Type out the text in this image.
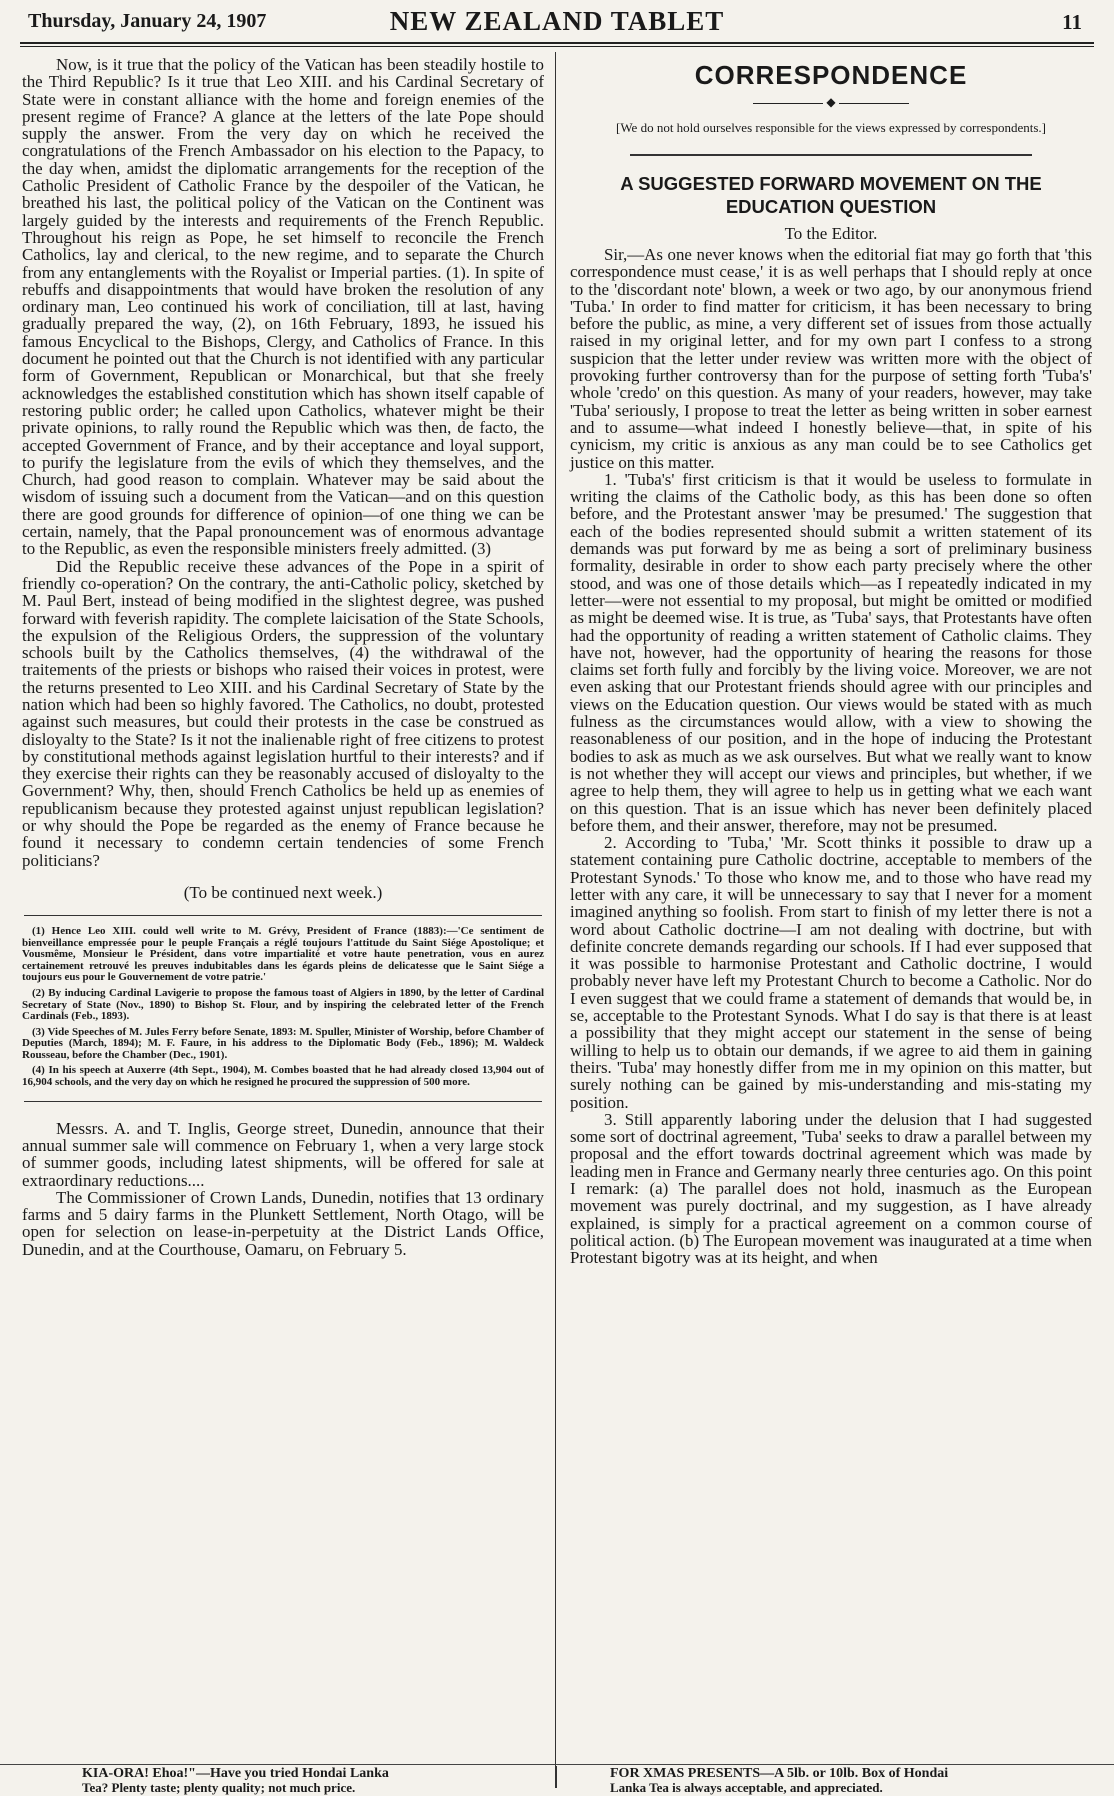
Thursday, January 24, 1907	NEW ZEALAND TABLET	11

Now, is it true that the policy of the Vatican has been steadily hostile to the Third Republic? Is it true that Leo XIII. and his Cardinal Secretary of State were in constant alliance with the home and foreign enemies of the present regime of France? A glance at the letters of the late Pope should supply the answer. From the very day on which he received the congratulations of the French Ambassador on his election to the Papacy, to the day when, amidst the diplomatic arrangements for the reception of the Catholic President of Catholic France by the despoiler of the Vatican, he breathed his last, the political policy of the Vatican on the Continent was largely guided by the interests and requirements of the French Republic. Throughout his reign as Pope, he set himself to reconcile the French Catholics, lay and clerical, to the new regime, and to separate the Church from any entanglements with the Royalist or Imperial parties. (1). In spite of rebuffs and disappointments that would have broken the resolution of any ordinary man, Leo continued his work of conciliation, till at last, having gradually prepared the way, (2), on 16th February, 1893, he issued his famous Encyclical to the Bishops, Clergy, and Catholics of France. In this document he pointed out that the Church is not identified with any particular form of Government, Republican or Monarchical, but that she freely acknowledges the established constitution which has shown itself capable of restoring public order; he called upon Catholics, whatever might be their private opinions, to rally round the Republic which was then, de facto, the accepted Government of France, and by their acceptance and loyal support, to purify the legislature from the evils of which they themselves, and the Church, had good reason to complain. Whatever may be said about the wisdom of issuing such a document from the Vatican—and on this question there are good grounds for difference of opinion—of one thing we can be certain, namely, that the Papal pronouncement was of enormous advantage to the Republic, as even the responsible ministers freely admitted. (3)

Did the Republic receive these advances of the Pope in a spirit of friendly co-operation? On the contrary, the anti-Catholic policy, sketched by M. Paul Bert, instead of being modified in the slightest degree, was pushed forward with feverish rapidity. The complete laicisation of the State Schools, the expulsion of the Religious Orders, the suppression of the voluntary schools built by the Catholics themselves, (4) the withdrawal of the traitements of the priests or bishops who raised their voices in protest, were the returns presented to Leo XIII. and his Cardinal Secretary of State by the nation which had been so highly favored. The Catholics, no doubt, protested against such measures, but could their protests in the case be construed as disloyalty to the State? Is it not the inalienable right of free citizens to protest by constitutional methods against legislation hurtful to their interests? and if they exercise their rights can they be reasonably accused of disloyalty to the Government? Why, then, should French Catholics be held up as enemies of republicanism because they protested against unjust republican legislation? or why should the Pope be regarded as the enemy of France because he found it necessary to condemn certain tendencies of some French politicians?

(To be continued next week.)

(1) Hence Leo XIII. could well write to M. Grévy, President of France (1883):—'Ce sentiment de bienveillance empressée pour le peuple Français a réglé toujours l'attitude du Saint Siége Apostolique; et Vousmême, Monsieur le Président, dans votre impartialité et votre haute penetration, vous en aurez certainement retrouvé les preuves indubitables dans les égards pleins de delicatesse que le Saint Siége a toujours eus pour le Gouvernement de votre patrie.'

(2) By inducing Cardinal Lavigerie to propose the famous toast of Algiers in 1890, by the letter of Cardinal Secretary of State (Nov., 1890) to Bishop St. Flour, and by inspiring the celebrated letter of the French Cardinals (Feb., 1893).

(3) Vide Speeches of M. Jules Ferry before Senate, 1893: M. Spuller, Minister of Worship, before Chamber of Deputies (March, 1894); M. F. Faure, in his address to the Diplomatic Body (Feb., 1896); M. Waldeck Rousseau, before the Chamber (Dec., 1901).

(4) In his speech at Auxerre (4th Sept., 1904), M. Combes boasted that he had already closed 13,904 out of 16,904 schools, and the very day on which he resigned he procured the suppression of 500 more.

Messrs. A. and T. Inglis, George street, Dunedin, announce that their annual summer sale will commence on February 1, when a very large stock of summer goods, including latest shipments, will be offered for sale at extraordinary reductions....

The Commissioner of Crown Lands, Dunedin, notifies that 13 ordinary farms and 5 dairy farms in the Plunkett Settlement, North Otago, will be open for selection on lease-in-perpetuity at the District Lands Office, Dunedin, and at the Courthouse, Oamaru, on February 5.

CORRESPONDENCE
◆
[We do not hold ourselves responsible for the views expressed by correspondents.]
A SUGGESTED FORWARD MOVEMENT ON THE EDUCATION QUESTION
To the Editor.

Sir,—As one never knows when the editorial fiat may go forth that 'this correspondence must cease,' it is as well perhaps that I should reply at once to the 'discordant note' blown, a week or two ago, by our anonymous friend 'Tuba.' In order to find matter for criticism, it has been necessary to bring before the public, as mine, a very different set of issues from those actually raised in my original letter, and for my own part I confess to a strong suspicion that the letter under review was written more with the object of provoking further controversy than for the purpose of setting forth 'Tuba's' whole 'credo' on this question. As many of your readers, however, may take 'Tuba' seriously, I propose to treat the letter as being written in sober earnest and to assume—what indeed I honestly believe—that, in spite of his cynicism, my critic is anxious as any man could be to see Catholics get justice on this matter.

1. 'Tuba's' first criticism is that it would be useless to formulate in writing the claims of the Catholic body, as this has been done so often before, and the Protestant answer 'may be presumed.' The suggestion that each of the bodies represented should submit a written statement of its demands was put forward by me as being a sort of preliminary business formality, desirable in order to show each party precisely where the other stood, and was one of those details which—as I repeatedly indicated in my letter—were not essential to my proposal, but might be omitted or modified as might be deemed wise. It is true, as 'Tuba' says, that Protestants have often had the opportunity of reading a written statement of Catholic claims. They have not, however, had the opportunity of hearing the reasons for those claims set forth fully and forcibly by the living voice. Moreover, we are not even asking that our Protestant friends should agree with our principles and views on the Education question. Our views would be stated with as much fulness as the circumstances would allow, with a view to showing the reasonableness of our position, and in the hope of inducing the Protestant bodies to ask as much as we ask ourselves. But what we really want to know is not whether they will accept our views and principles, but whether, if we agree to help them, they will agree to help us in getting what we each want on this question. That is an issue which has never been definitely placed before them, and their answer, therefore, may not be presumed.

2. According to 'Tuba,' 'Mr. Scott thinks it possible to draw up a statement containing pure Catholic doctrine, acceptable to members of the Protestant Synods.' To those who know me, and to those who have read my letter with any care, it will be unnecessary to say that I never for a moment imagined anything so foolish. From start to finish of my letter there is not a word about Catholic doctrine—I am not dealing with doctrine, but with definite concrete demands regarding our schools. If I had ever supposed that it was possible to harmonise Protestant and Catholic doctrine, I would probably never have left my Protestant Church to become a Catholic. Nor do I even suggest that we could frame a statement of demands that would be, in se, acceptable to the Protestant Synods. What I do say is that there is at least a possibility that they might accept our statement in the sense of being willing to help us to obtain our demands, if we agree to aid them in gaining theirs. 'Tuba' may honestly differ from me in my opinion on this matter, but surely nothing can be gained by mis-understanding and mis-stating my position.

3. Still apparently laboring under the delusion that I had suggested some sort of doctrinal agreement, 'Tuba' seeks to draw a parallel between my proposal and the effort towards doctrinal agreement which was made by leading men in France and Germany nearly three centuries ago. On this point I remark: (a) The parallel does not hold, inasmuch as the European movement was purely doctrinal, and my suggestion, as I have already explained, is simply for a practical agreement on a common course of political action. (b) The European movement was inaugurated at a time when Protestant bigotry was at its height, and when

KIA-ORA! Ehoa!"—Have you tried Hondai Lanka
Tea? Plenty taste; plenty quality; not much price.
FOR XMAS PRESENTS—A 5lb. or 10lb. Box of Hondai
Lanka Tea is always acceptable, and appreciated.
